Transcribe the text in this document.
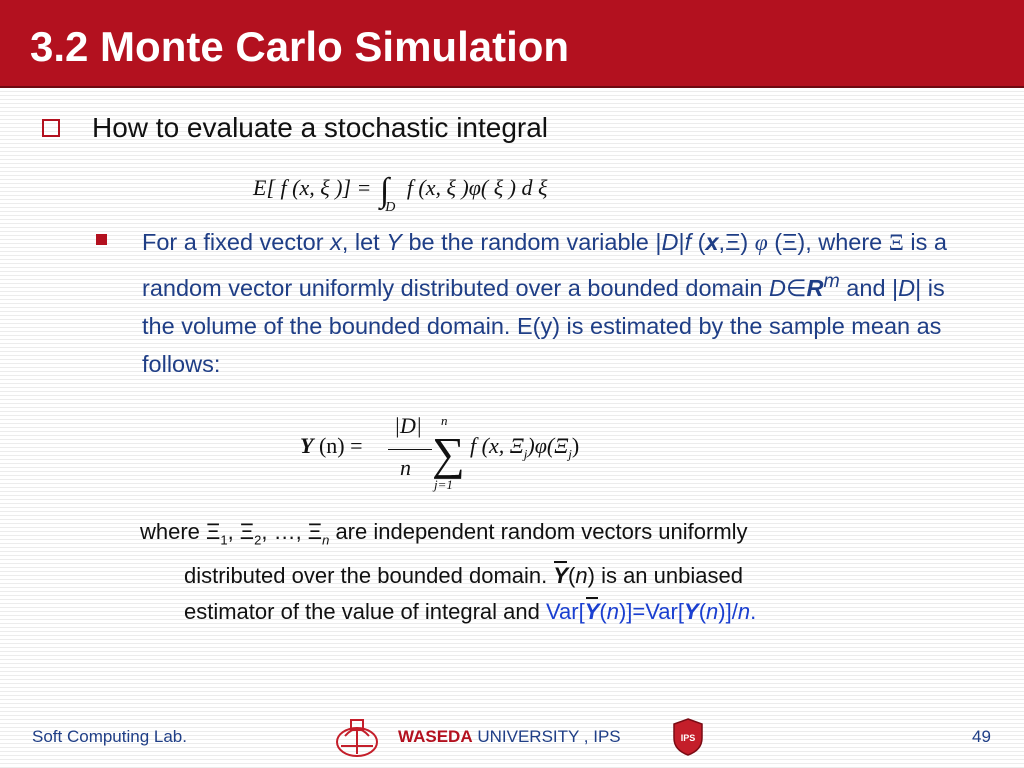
3.2 Monte Carlo Simulation
How to evaluate a stochastic integral
E[ f (x, ξ )] = $\int_D$ f (x, ξ )φ( ξ ) d ξ
For a fixed vector x, let Y be the random variable |D|f (x,Ξ) φ (Ξ), where Ξ is a random vector uniformly distributed over a bounded domain $D\in R^m$ and |D| is the volume of the bounded domain. E(y) is estimated by the sample mean as follows:
Y (n) =
|D|
n
n
∑
j=1
f (x, $\Xi_j)\varphi(\Xi_j)$
where $\Xi_1$, $\Xi_2$, …, $\Xi_n$ are independent random vectors uniformly
distributed over the bounded domain. Y(n) is an unbiased
estimator of the value of integral and Var[Y(n)]=Var[Y(n)]/n.
Soft Computing Lab.	WASEDA UNIVERSITY , IPS	IPS	49
